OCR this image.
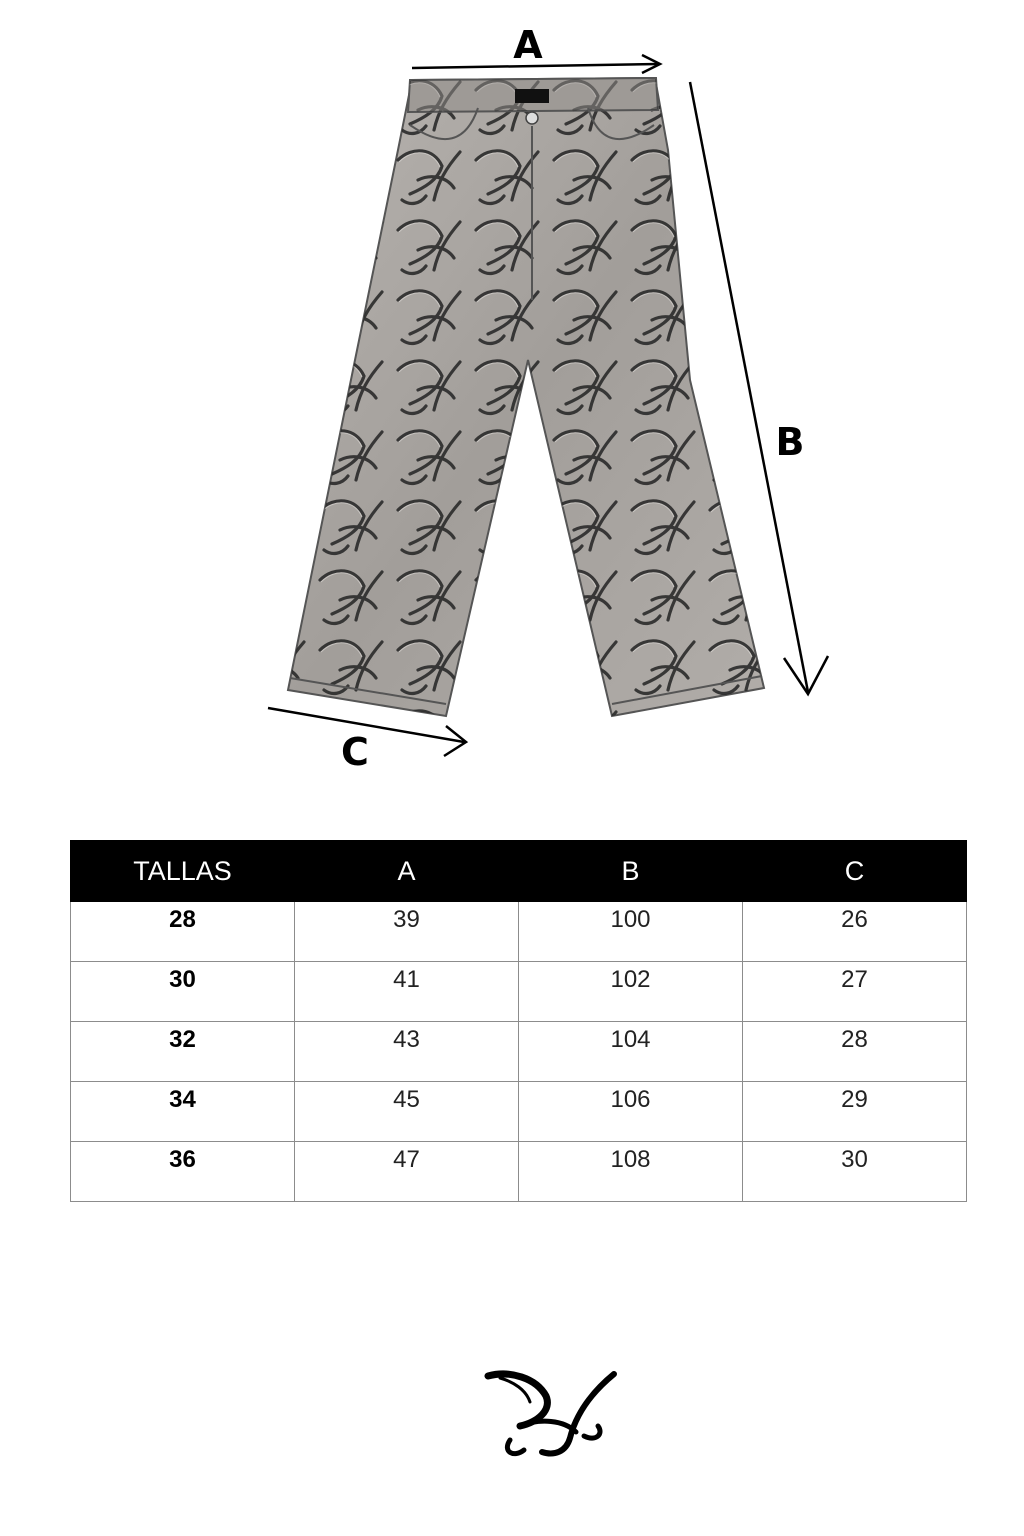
A
B
C
TALLAS	A	B	C
28	39	100	26
30	41	102	27
32	43	104	28
34	45	106	29
36	47	108	30
